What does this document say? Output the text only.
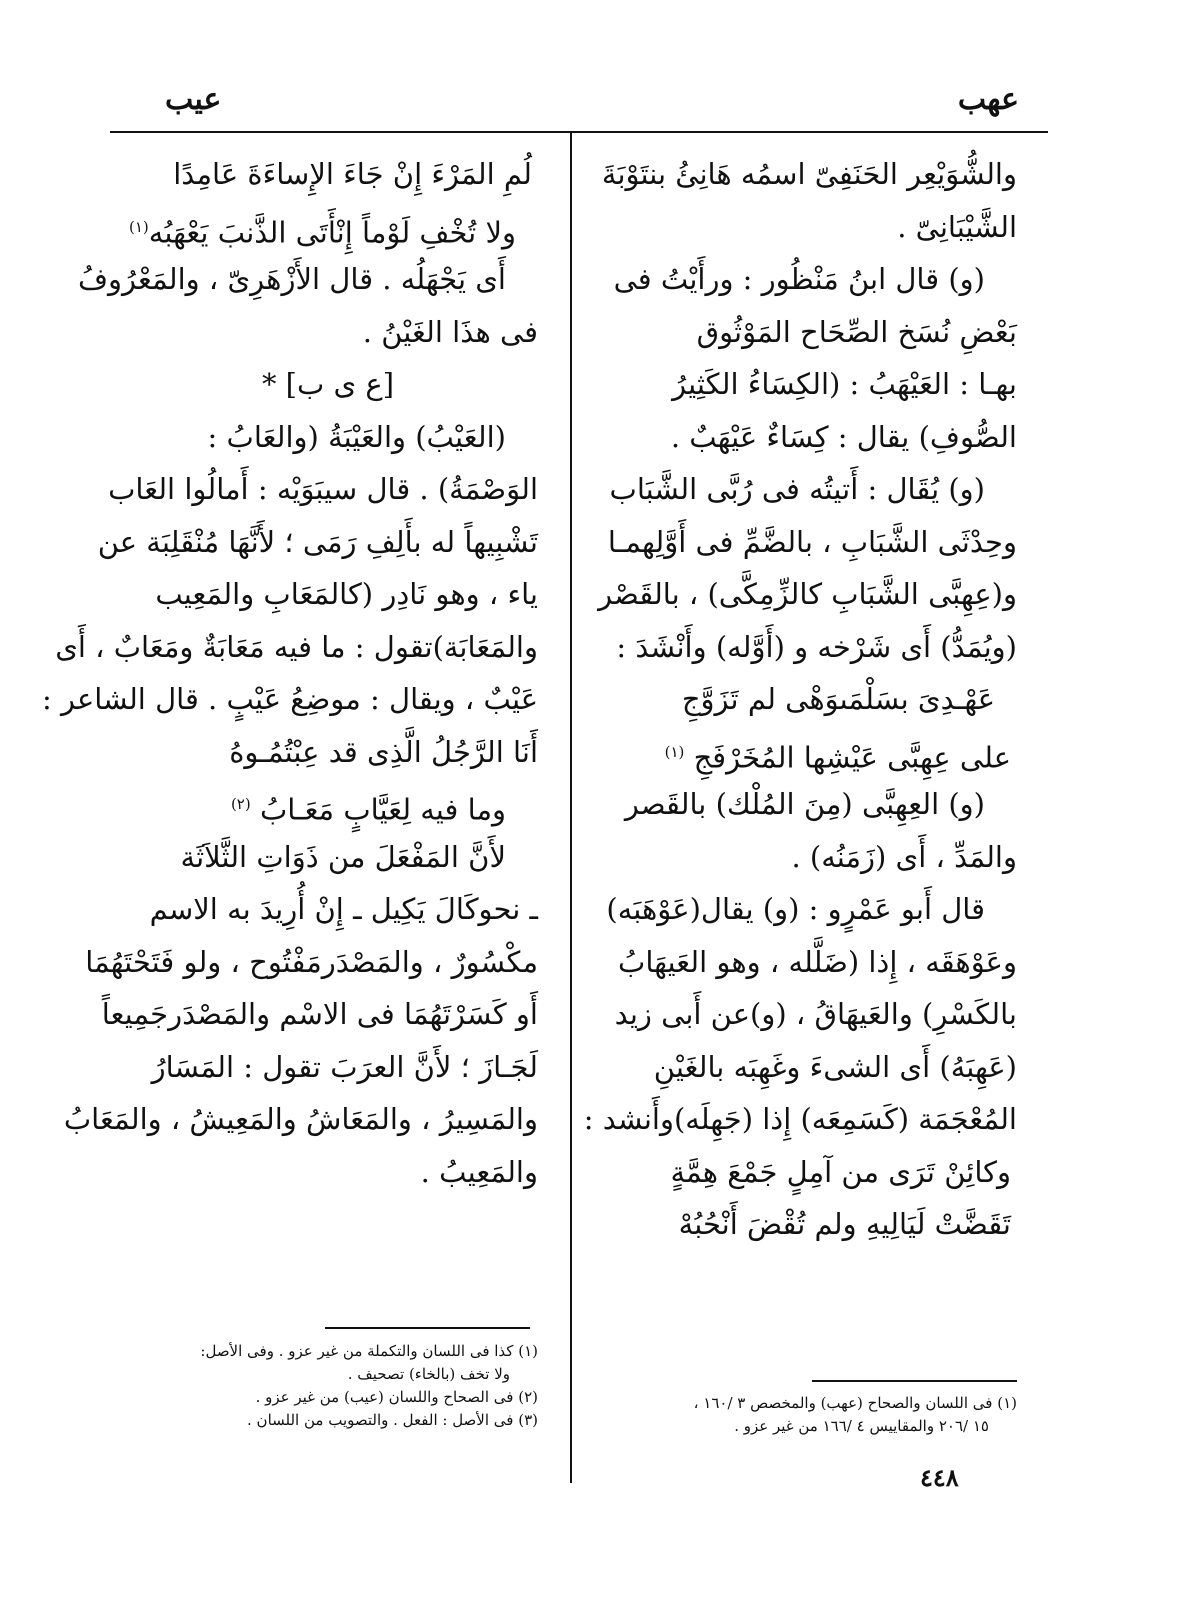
عهب
عيب
والشُّوَيْعِر الحَنَفِىّ اسمُه هَانِئُ بنتَوْبَةَ
الشَّيْبَانِىّ .
(و) قال ابنُ مَنْظُور : ورأَيْتُ فى
بَعْضِ نُسَخ الصِّحَاح المَوْثُوق
بهـا : العَيْهَبُ : (الكِسَاءُ الكَثِيرُ
الصُّوفِ) يقال : كِسَاءٌ عَيْهَبٌ .
(و) يُقَال : أَتيتُه فى رُبَّى الشَّبَاب
وحِدْثَى الشَّبَابِ ، بالضَّمِّ فى أَوَّلِهمـا
و(عِهِبَّى الشَّبَابِ كالزِّمِكَّى) ، بالقَصْر
(ويُمَدُّ) أَى شَرْخه و (أَوَّله) وأَنْشَدَ :
عَهْـدِىَ بسَلْمَىوَهْى لم تَزَوَّجِ
على عِهِبَّى عَيْشِها المُخَرْفَجِ $^{(١)}$
(و) العِهِبَّى (مِنَ المُلْك) بالقَصر
والمَدِّ ، أَى (زَمَنُه) .
قال أَبو عَمْرٍو : (و) يقال(عَوْهَبَه)
وعَوْهَقَه ، إِذا (ضَلَّله ، وهو العَيهَابُ
بالكَسْرِ) والعَيهَاقُ ، (و)عن أَبى زيد
(عَهِبَهُ) أَى الشىءَ وغَهِبَه بالغَيْنِ
المُعْجَمَة (كَسَمِعَه) إِذا (جَهِلَه)وأَنشد :
وكائِنْ تَرَى من آمِلٍ جَمْعَ هِمَّةٍ
تَقَضَّتْ لَيَالِيهِ ولم تُقْضَ أَنْحُبُهْ
لُمِ المَرْءَ إِنْ جَاءَ الإِساءَةَ عَامِدًا
ولا تُخْفِ لَوْماً إِنْأَتَى الذَّنبَ يَعْهَبُه$^{(١)}$
أَى يَجْهَلُه . قال الأَزْهَرِىّ ، والمَعْرُوفُ
فى هذَا الغَيْنُ .
[ع ى ب] *
(العَيْبُ) والعَيْبَةُ (والعَابُ :
الوَصْمَةُ) . قال سيبَوَيْه : أَمالُوا العَاب
تَشْبِيهاً له بأَلِفِ رَمَى ؛ لأَنَّهَا مُنْقَلِبَة عن
ياء ، وهو نَادِر (كالمَعَابِ والمَعِيب
والمَعَابَة)تقول : ما فيه مَعَابَةٌ ومَعَابٌ ، أَى
عَيْبٌ ، ويقال : موضِعُ عَيْبٍ . قال الشاعر :
أَنَا الرَّجُلُ الَّذِى قد عِبْتُمُـوهُ
وما فيه لِعَيَّابٍ مَعَـابُ $^{(٢)}$
لأَنَّ المَفْعَلَ من ذَوَاتِ الثَّلاَثَة
ـ نحوكَالَ يَكِيل ـ إِنْ أُرِيدَ به الاسم
مكْسُورٌ ، والمَصْدَرمَفْتُوح ، ولو فَتَحْتَهُمَا
أَو كَسَرْتَهُمَا فى الاسْم والمَصْدَرجَمِيعاً
لَجَـازَ ؛ لأَنَّ العرَبَ تقول : المَسَارُ
والمَسِيرُ ، والمَعَاشُ والمَعِيشُ ، والمَعَابُ
والمَعِيبُ .
(١) فى اللسان والصحاح (عهب) والمخصص ٣ /١٦٠ ،
١٥ /٢٠٦ والمقاييس ٤ /١٦٦ من غير عزو .
(١) كذا فى اللسان والتكملة من غير عزو . وفى الأصل:
ولا تخف (بالخاء) تصحيف .
(٢) فى الصحاح واللسان (عيب) من غير عزو .
(٣) فى الأصل : الفعل . والتصويب من اللسان .
٤٤٨
